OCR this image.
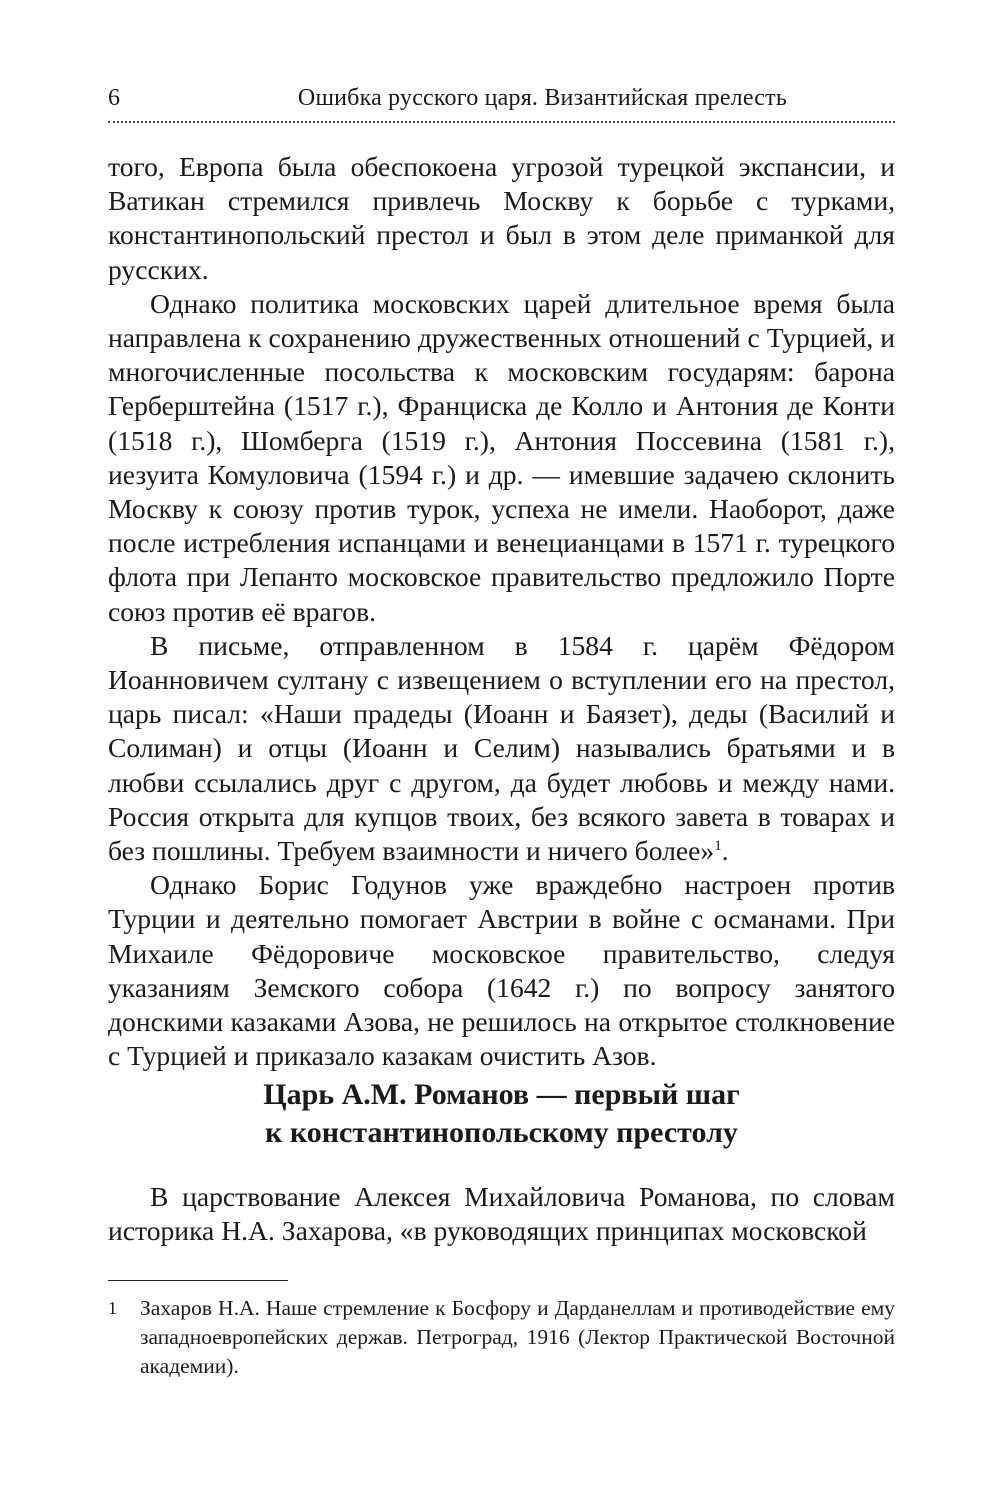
6	Ошибка русского царя. Византийская прелесть

того, Европа была обеспокоена угрозой турецкой экспансии, и Ватикан стремился привлечь Москву к борьбе с турками, константинопольский престол и был в этом деле приманкой для русских.

Однако политика московских царей длительное время была направлена к сохранению дружественных отношений с Турцией, и многочисленные посольства к московским государям: барона Герберштейна (1517 г.), Франциска де Колло и Антония де Конти (1518 г.), Шомберга (1519 г.), Антония Поссевина (1581 г.), иезуита Комуловича (1594 г.) и др. — имевшие задачею склонить Москву к союзу против турок, успеха не имели. Наоборот, даже после истребления испанцами и венецианцами в 1571 г. турецкого флота при Лепанто московское правительство предложило Порте союз против её врагов.

В письме, отправленном в 1584 г. царём Фёдором Иоанновичем султану с извещением о вступлении его на престол, царь писал: «Наши прадеды (Иоанн и Баязет), деды (Василий и Солиман) и отцы (Иоанн и Селим) назывались братьями и в любви ссылались друг с другом, да будет любовь и между нами. Россия открыта для купцов твоих, без всякого завета в товарах и без пошлины. Требуем взаимности и ничего более»$^1$.

Однако Борис Годунов уже враждебно настроен против Турции и деятельно помогает Австрии в войне с османами. При Михаиле Фёдоровиче московское правительство, следуя указаниям Земского собора (1642 г.) по вопросу занятого донскими казаками Азова, не решилось на открытое столкновение с Турцией и приказало казакам очистить Азов.

Царь А.М. Романов — первый шаг
к константинопольскому престолу

В царствование Алексея Михайловича Романова, по словам историка Н.А. Захарова, «в руководящих принципах московской

1 Захаров Н.А. Наше стремление к Босфору и Дарданеллам и противодействие ему западноевропейских держав. Петроград, 1916 (Лектор Практической Восточной академии).
